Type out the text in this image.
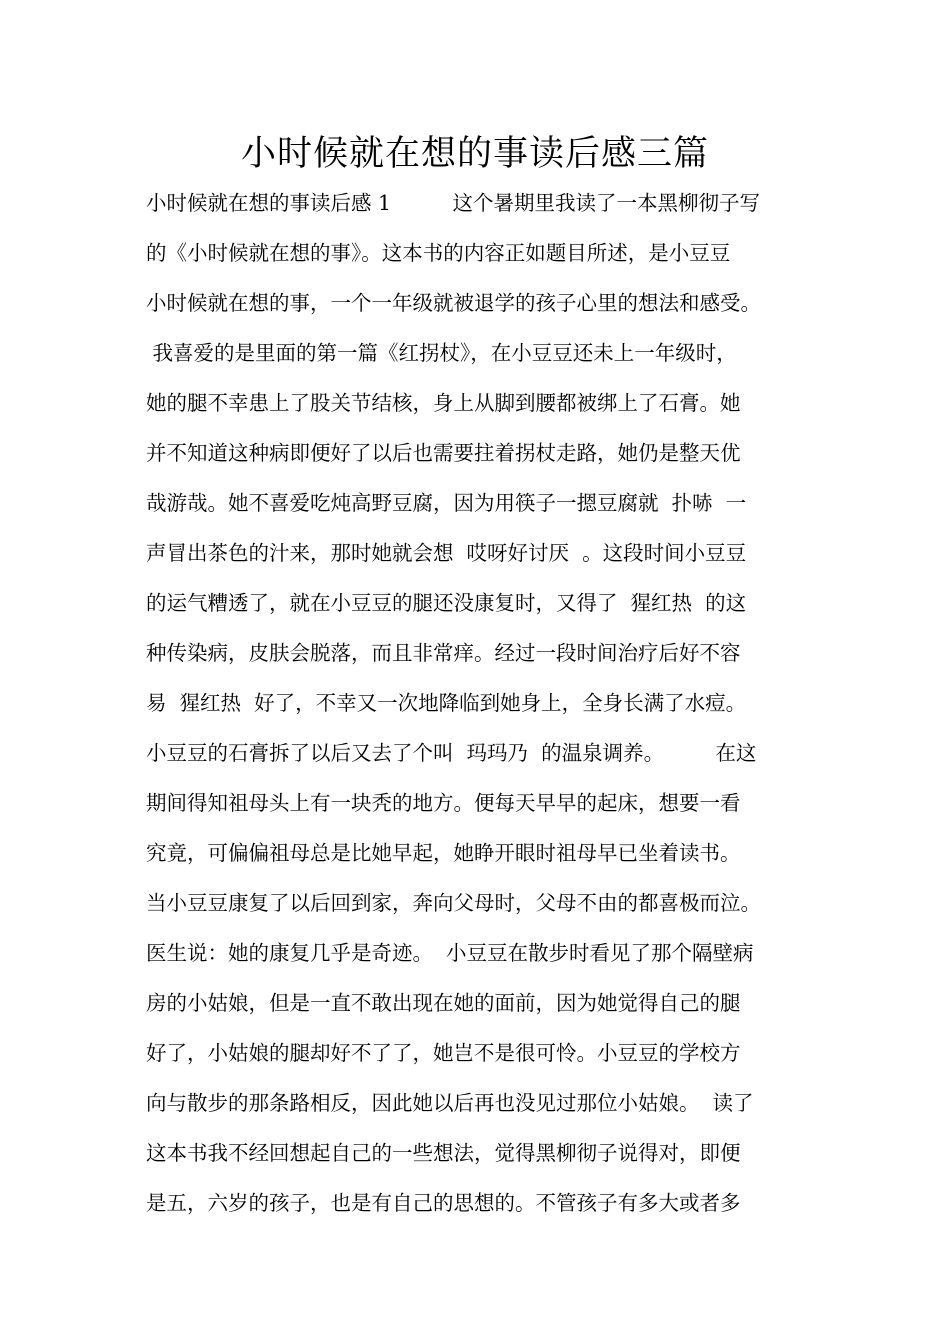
小时候就在想的事读后感三篇
小时候就在想的事读后感 1　　　这个暑期里我读了一本黑柳彻子写
的《小时候就在想的事》。这本书的内容正如题目所述，是小豆豆
小时候就在想的事，一个一年级就被退学的孩子心里的想法和感受。
我喜爱的是里面的第一篇《红拐杖》，在小豆豆还未上一年级时，
她的腿不幸患上了股关节结核，身上从脚到腰都被绑上了石膏。她
并不知道这种病即便好了以后也需要拄着拐杖走路，她仍是整天优
哉游哉。她不喜爱吃炖高野豆腐，因为用筷子一摁豆腐就  扑哧  一
声冒出茶色的汁来，那时她就会想  哎呀好讨厌  。这段时间小豆豆
的运气糟透了，就在小豆豆的腿还没康复时，又得了  猩红热  的这
种传染病，皮肤会脱落，而且非常痒。经过一段时间治疗后好不容
易  猩红热  好了，不幸又一次地降临到她身上，全身长满了水痘。
小豆豆的石膏拆了以后又去了个叫  玛玛乃  的温泉调养。　　　在这
期间得知祖母头上有一块秃的地方。便每天早早的起床，想要一看
究竟，可偏偏祖母总是比她早起，她睁开眼时祖母早已坐着读书。
当小豆豆康复了以后回到家，奔向父母时，父母不由的都喜极而泣。
医生说：她的康复几乎是奇迹。  小豆豆在散步时看见了那个隔壁病
房的小姑娘，但是一直不敢出现在她的面前，因为她觉得自己的腿
好了，小姑娘的腿却好不了了，她岂不是很可怜。小豆豆的学校方
向与散步的那条路相反，因此她以后再也没见过那位小姑娘。  读了
这本书我不经回想起自己的一些想法，觉得黑柳彻子说得对，即便
是五，六岁的孩子，也是有自己的思想的。不管孩子有多大或者多
